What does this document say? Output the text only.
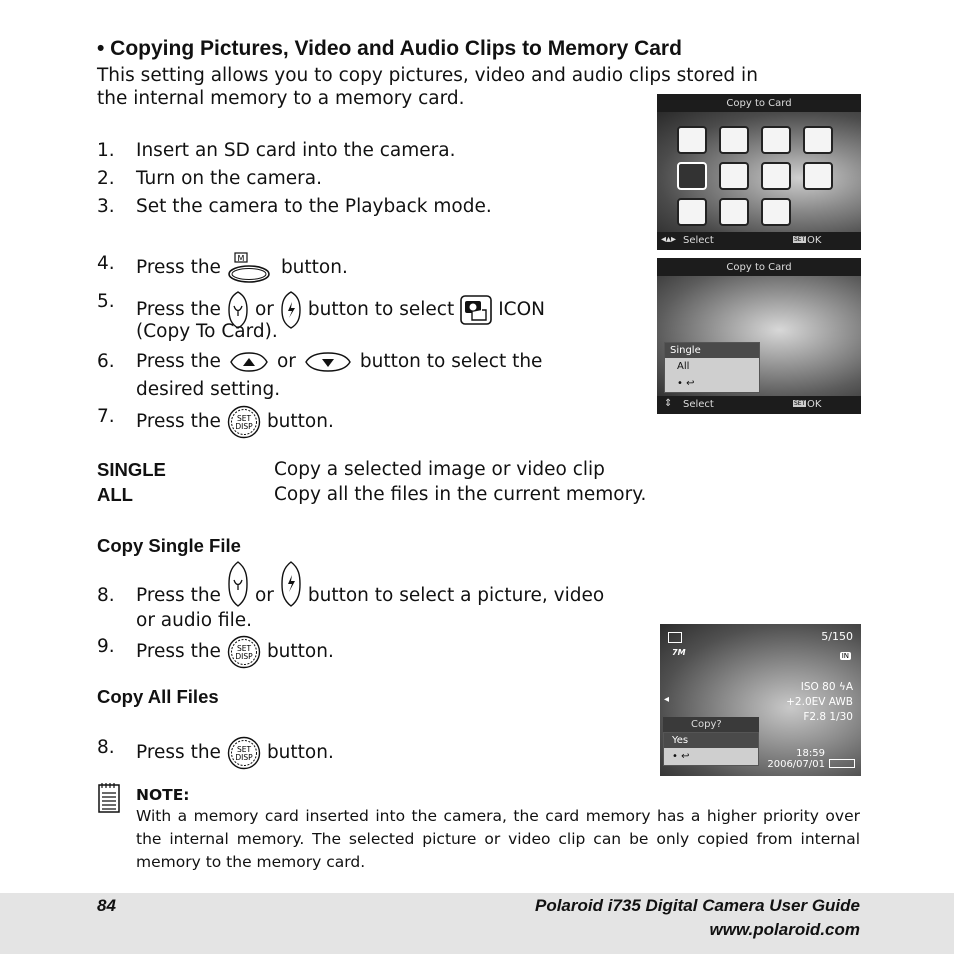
• Copying Pictures, Video and Audio Clips to Memory Card
This setting allows you to copy pictures, video and audio clips stored in
the internal memory to a memory card.
1. Insert an SD card into the camera.
2. Turn on the camera.
3. Set the camera to the Playback mode.
4. Press the M button.
5. Press the or button to select ICON
(Copy To Card).
6. Press the	or	button to select the
desired setting.
7. Press the SET
DISP button.
SINGLE	Copy a selected image or video clip
ALL	Copy all the files in the current memory.
Copy Single File
8. Press the or button to select a picture, video
or audio file.
9. Press the SET
DISP button.
Copy All Files
8. Press the SET
DISP button.
NOTE:
With a memory card inserted into the camera, the card memory has a higher priority over the internal memory. The selected picture or video clip can be only copied from internal memory to the memory card.
Copy to Card
◂▴▸ Select	SET OK
Copy to Card
Single
All
• ↩
⇕ Select	SET OK
7M
5/150
IN
◂
ISO 80 ϟA
+2.0EV AWB
F2.8 1/30
Copy?
Yes
• ↩	18:59
2006/07/01
84	Polaroid i735 Digital Camera User Guide
www.polaroid.com
